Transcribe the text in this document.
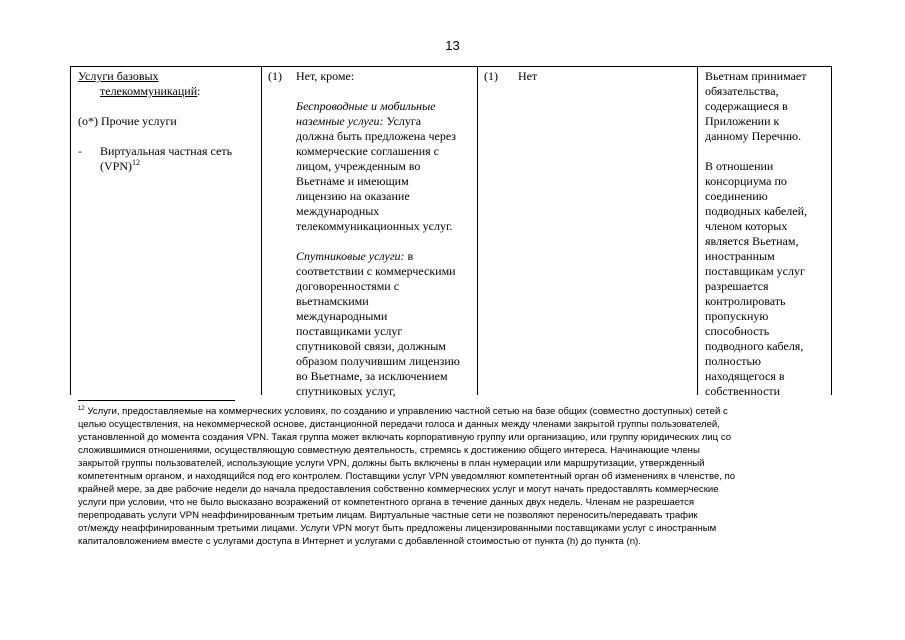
13
Услуги базовых
телекоммуникаций:
(o*) Прочие услуги
- Виртуальная частная сеть
(VPN)$^{12}$
(1) Нет, кроме:
Беспроводные и мобильные
наземные услуги: Услуга
должна быть предложена через
коммерческие соглашения с
лицом, учрежденным во
Вьетнаме и имеющим
лицензию на оказание
международных
телекоммуникационных услуг.
Спутниковые услуги: в
соответствии с коммерческими
договоренностями с
вьетнамскими
международными
поставщиками услуг
спутниковой связи, должным
образом получившим лицензию
во Вьетнаме, за исключением
спутниковых услуг,
(1) Нет	Вьетнам принимает
обязательства,
содержащиеся в
Приложении к
данному Перечню.
В отношении
консорциума по
соединению
подводных кабелей,
членом которых
является Вьетнам,
иностранным
поставщикам услуг
разрешается
контролировать
пропускную
способность
подводного кабеля,
полностью
находящегося в
собственности
$^{12}$ Услуги, предоставляемые на коммерческих условиях, по созданию и управлению частной сетью на базе общих (совместно доступных) сетей с
целью осуществления, на некоммерческой основе, дистанционной передачи голоса и данных между членами закрытой группы пользователей,
установленной до момента создания VPN. Такая группа может включать корпоративную группу или организацию, или группу юридических лиц со
сложившимися отношениями, осуществляющую совместную деятельность, стремясь к достижению общего интереса. Начинающие члены
закрытой группы пользователей, использующие услуги VPN, должны быть включены в план нумерации или маршрутизации, утвержденный
компетентным органом, и находящийся под его контролем. Поставщики услуг VPN уведомляют компетентный орган об изменениях в членстве, по
крайней мере, за две рабочие недели до начала предоставления собственно коммерческих услуг и могут начать предоставлять коммерческие
услуги при условии, что не было высказано возражений от компетентного органа в течение данных двух недель. Членам не разрешается
перепродавать услуги VPN неаффинированным третьим лицам. Виртуальные частные сети не позволяют переносить/передавать трафик
от/между неаффинированным третьими лицами. Услуги VPN могут быть предложены лицензированными поставщиками услуг с иностранным
капиталовложением вместе с услугами доступа в Интернет и услугами с добавленной стоимостью от пункта (h) до пункта (n).
